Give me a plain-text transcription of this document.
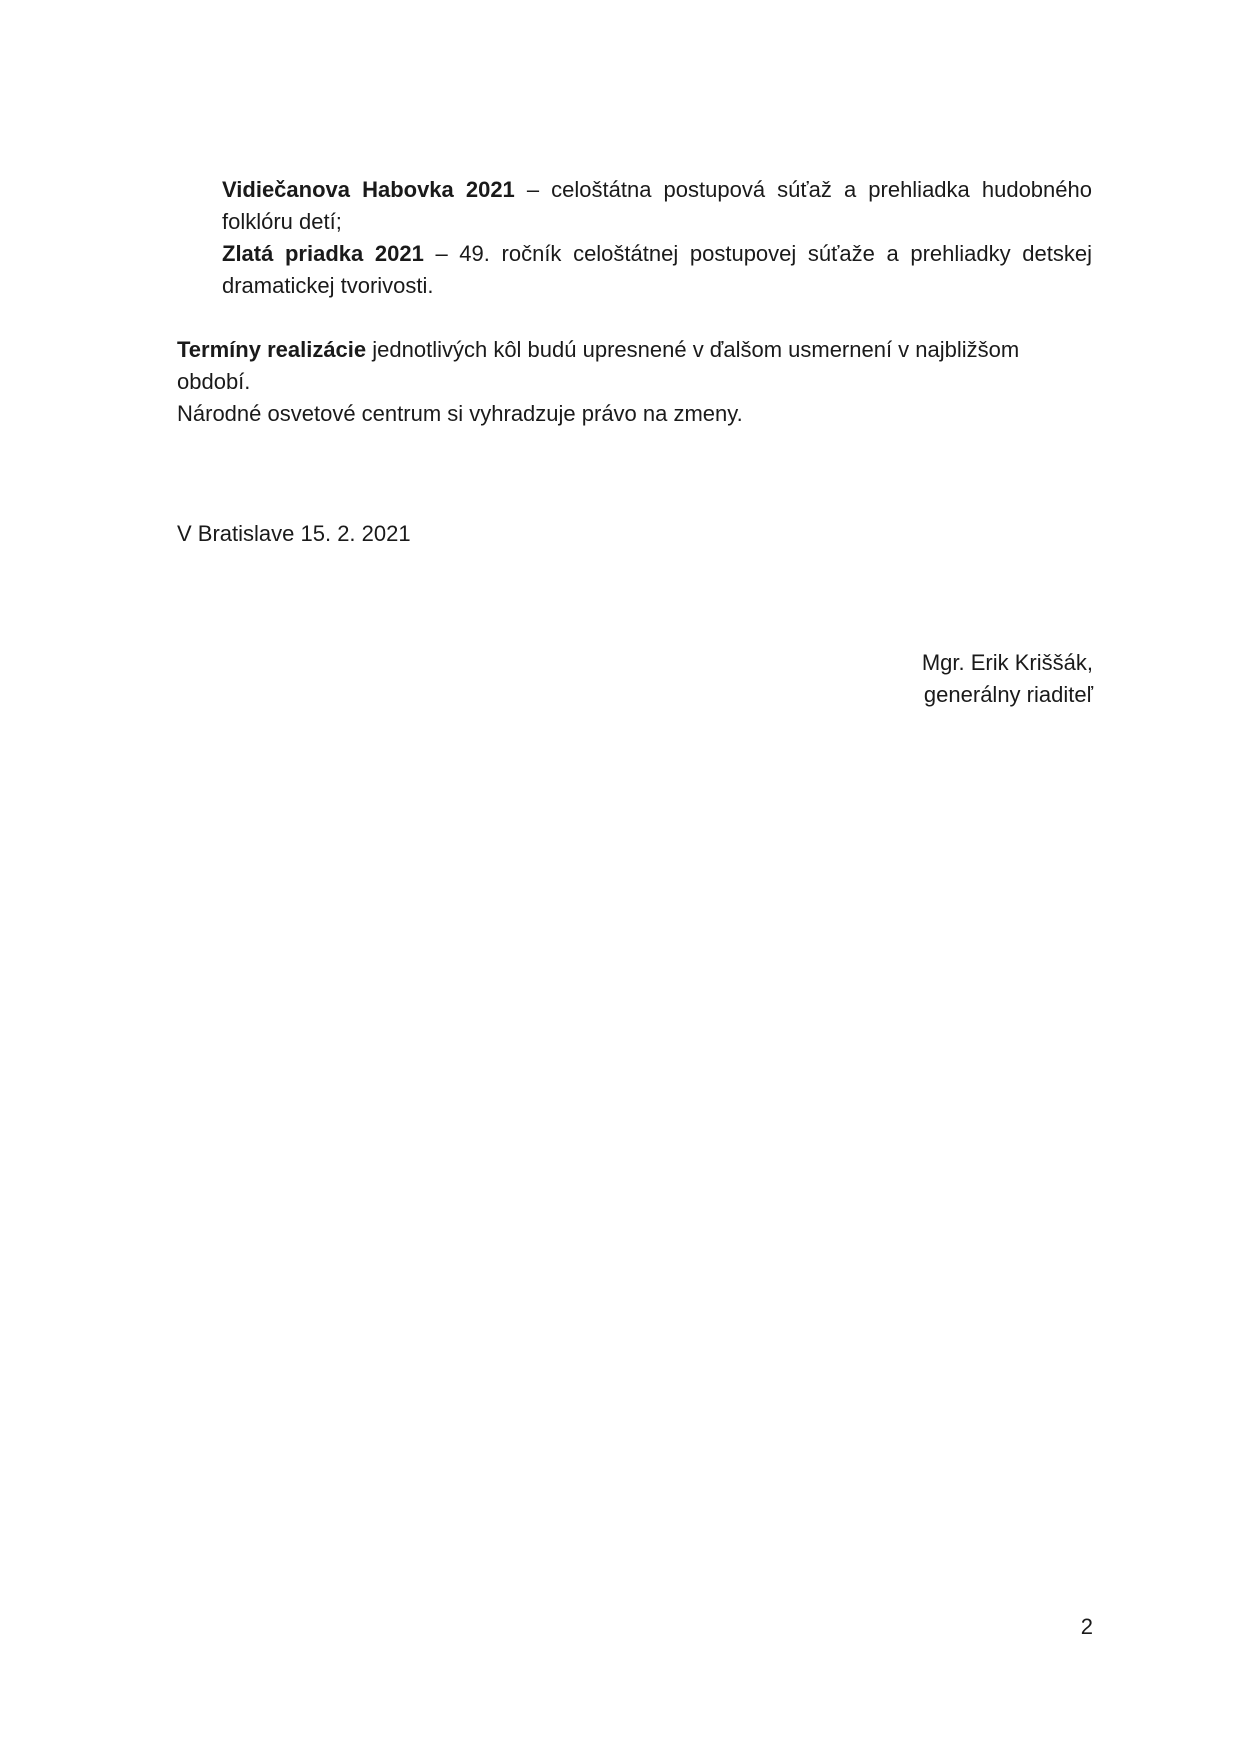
Vidiečanova Habovka 2021 – celoštátna postupová súťaž a prehliadka hudobného folklóru detí;

Zlatá priadka 2021 – 49. ročník celoštátnej postupovej súťaže a prehliadky detskej dramatickej tvorivosti.

Termíny realizácie jednotlivých kôl budú upresnené v ďalšom usmernení v najbližšom období.

Národné osvetové centrum si vyhradzuje právo na zmeny.

V Bratislave 15. 2. 2021

Mgr. Erik Kriššák,
generálny riaditeľ
2
